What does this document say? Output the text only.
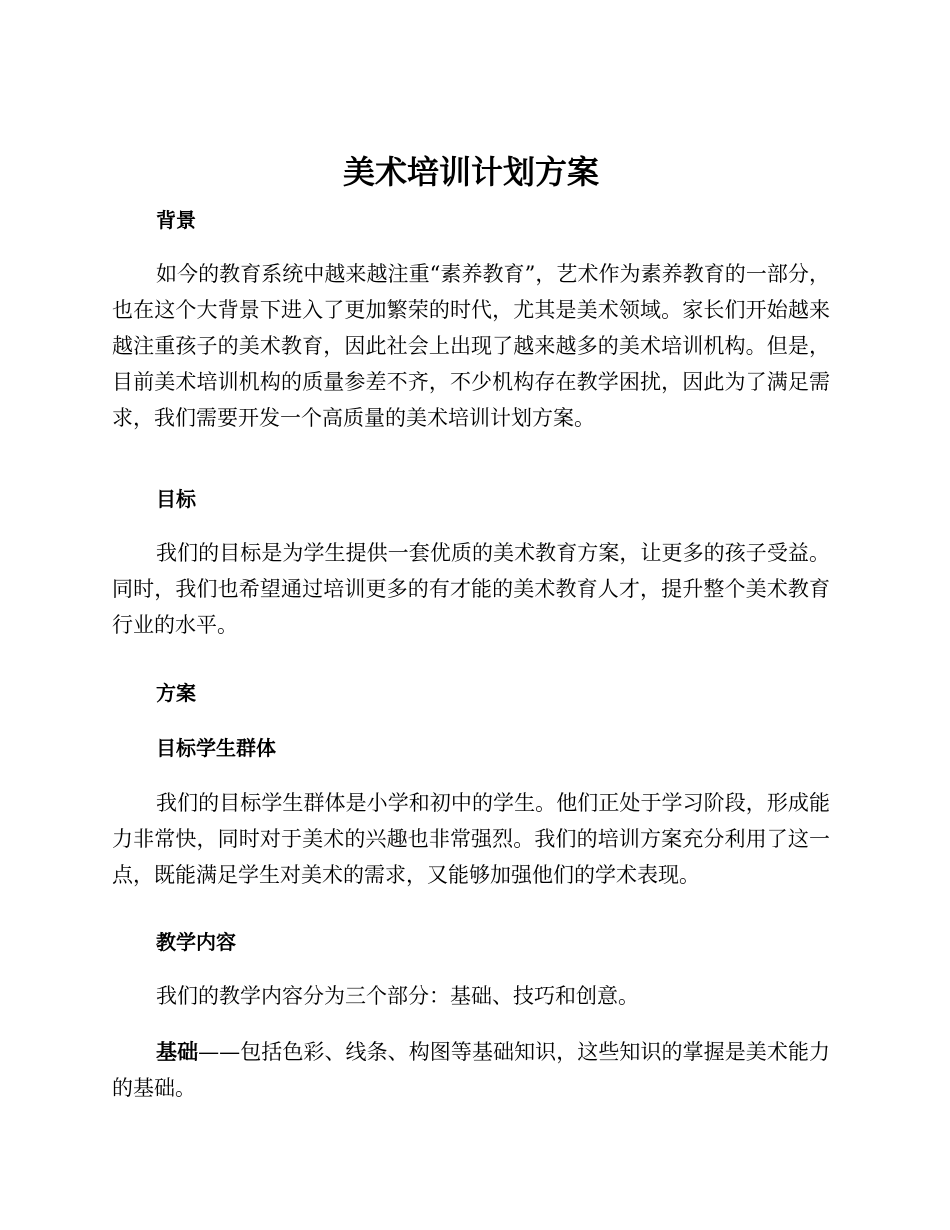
美术培训计划方案
背景

如今的教育系统中越来越注重“素养教育”，艺术作为素养教育的一部分，也在这个大背景下进入了更加繁荣的时代，尤其是美术领域。家长们开始越来越注重孩子的美术教育，因此社会上出现了越来越多的美术培训机构。但是，目前美术培训机构的质量参差不齐，不少机构存在教学困扰，因此为了满足需求，我们需要开发一个高质量的美术培训计划方案。

目标

我们的目标是为学生提供一套优质的美术教育方案，让更多的孩子受益。同时，我们也希望通过培训更多的有才能的美术教育人才，提升整个美术教育行业的水平。

方案
目标学生群体

我们的目标学生群体是小学和初中的学生。他们正处于学习阶段，形成能力非常快，同时对于美术的兴趣也非常强烈。我们的培训方案充分利用了这一点，既能满足学生对美术的需求，又能够加强他们的学术表现。

教学内容

我们的教学内容分为三个部分：基础、技巧和创意。

基础——包括色彩、线条、构图等基础知识，这些知识的掌握是美术能力的基础。
